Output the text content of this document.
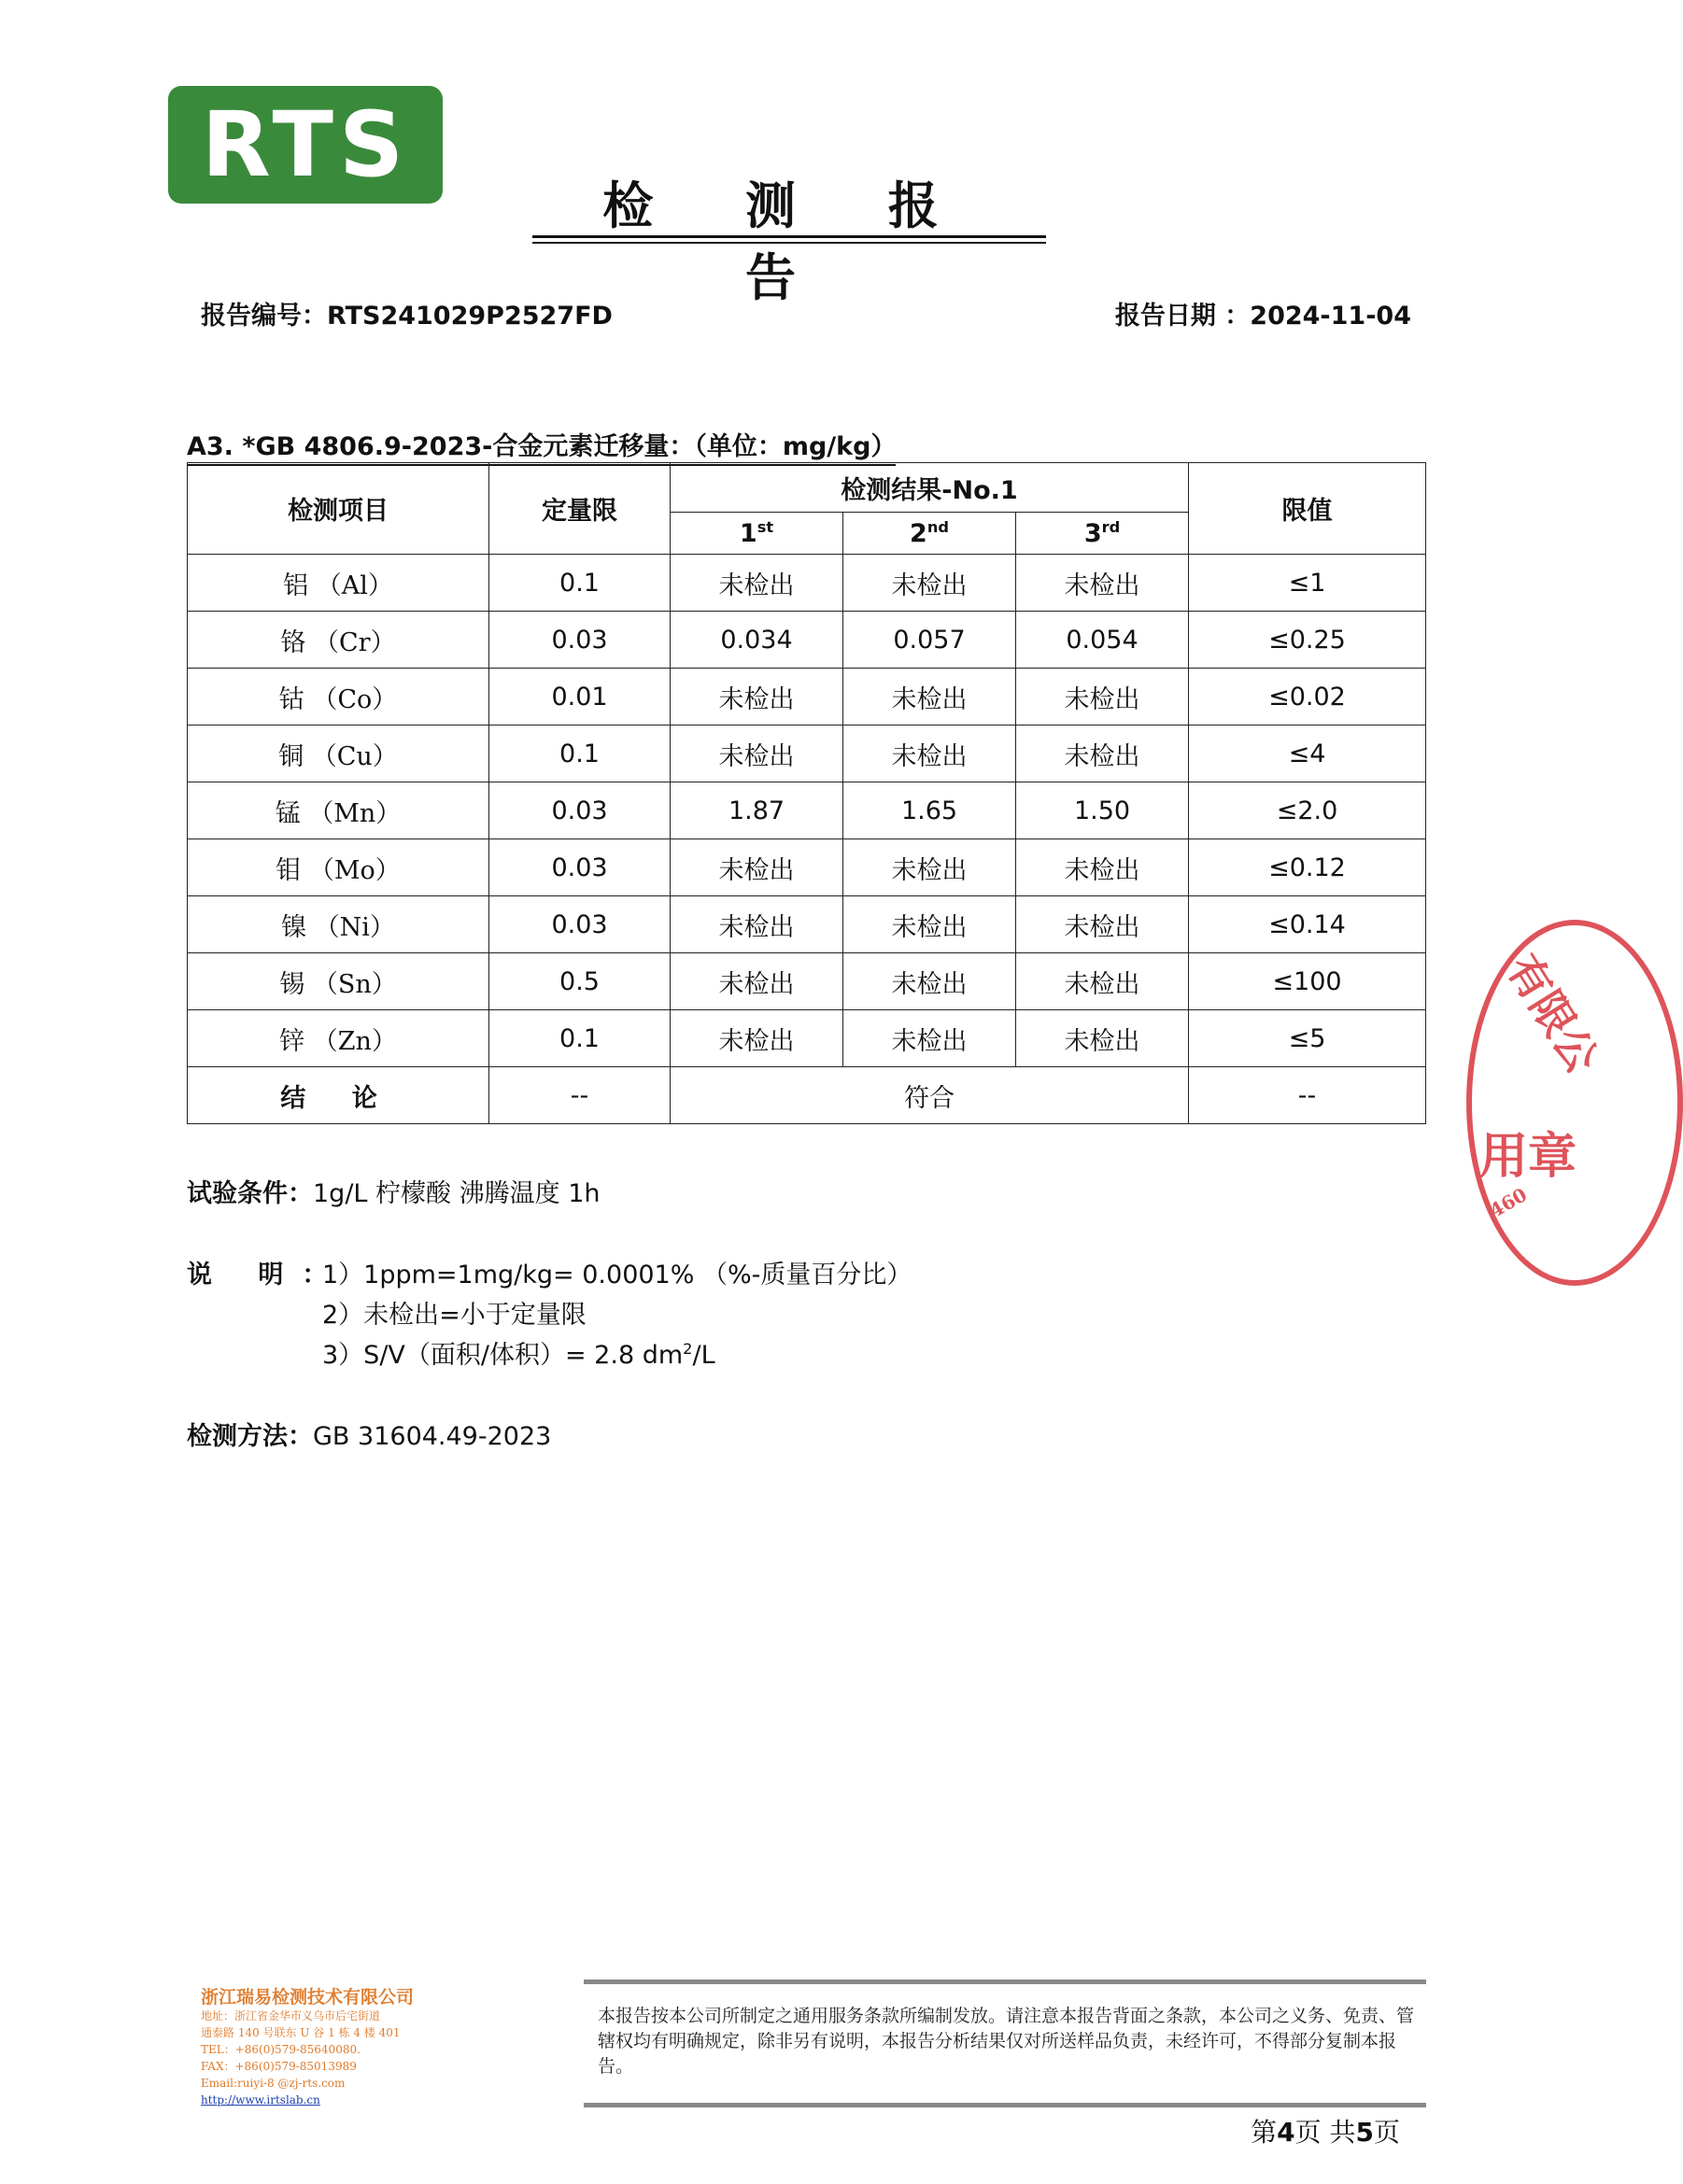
RTS
检 测 报 告
报告编号：RTS241029P2527FD	报告日期 ：2024-11-04
A3. *GB 4806.9-2023-合金元素迁移量：（单位：mg/kg）
检测项目	定量限	检测结果-No.1			限值
		1st	2nd	3rd
铝 （Al）	0.1	未检出	未检出	未检出	≤1
铬 （Cr）	0.03	0.034	0.057	0.054	≤0.25
钴 （Co）	0.01	未检出	未检出	未检出	≤0.02
铜 （Cu）	0.1	未检出	未检出	未检出	≤4
锰 （Mn）	0.03	1.87	1.65	1.50	≤2.0
钼 （Mo）	0.03	未检出	未检出	未检出	≤0.12
镍 （Ni）	0.03	未检出	未检出	未检出	≤0.14
锡 （Sn）	0.5	未检出	未检出	未检出	≤100
锌 （Zn）	0.1	未检出	未检出	未检出	≤5
结 论	--	符合			--
试验条件：1g/L 柠檬酸 沸腾温度 1h
说 明：
1）1ppm=1mg/kg= 0.0001% （%-质量百分比）
2）未检出=小于定量限
3）S/V（面积/体积）= 2.8 $dm^2/L$
检测方法：GB 31604.49-2023
有限公
用章
460
浙江瑞易检测技术有限公司
地址：浙江省金华市义乌市后宅街道
通泰路 140 号联东 U 谷 1 栋 4 楼 401
TEL：+86(0)579-85640080.
FAX：+86(0)579-85013989
Email:ruiyi-8 @zj-rts.com
http://www.irtslab.cn
本报告按本公司所制定之通用服务条款所编制发放。请注意本报告背面之条款，本公司之义务、免责、管辖权均有明确规定，除非另有说明，本报告分析结果仅对所送样品负责，未经许可，不得部分复制本报告。
第4页 共5页
